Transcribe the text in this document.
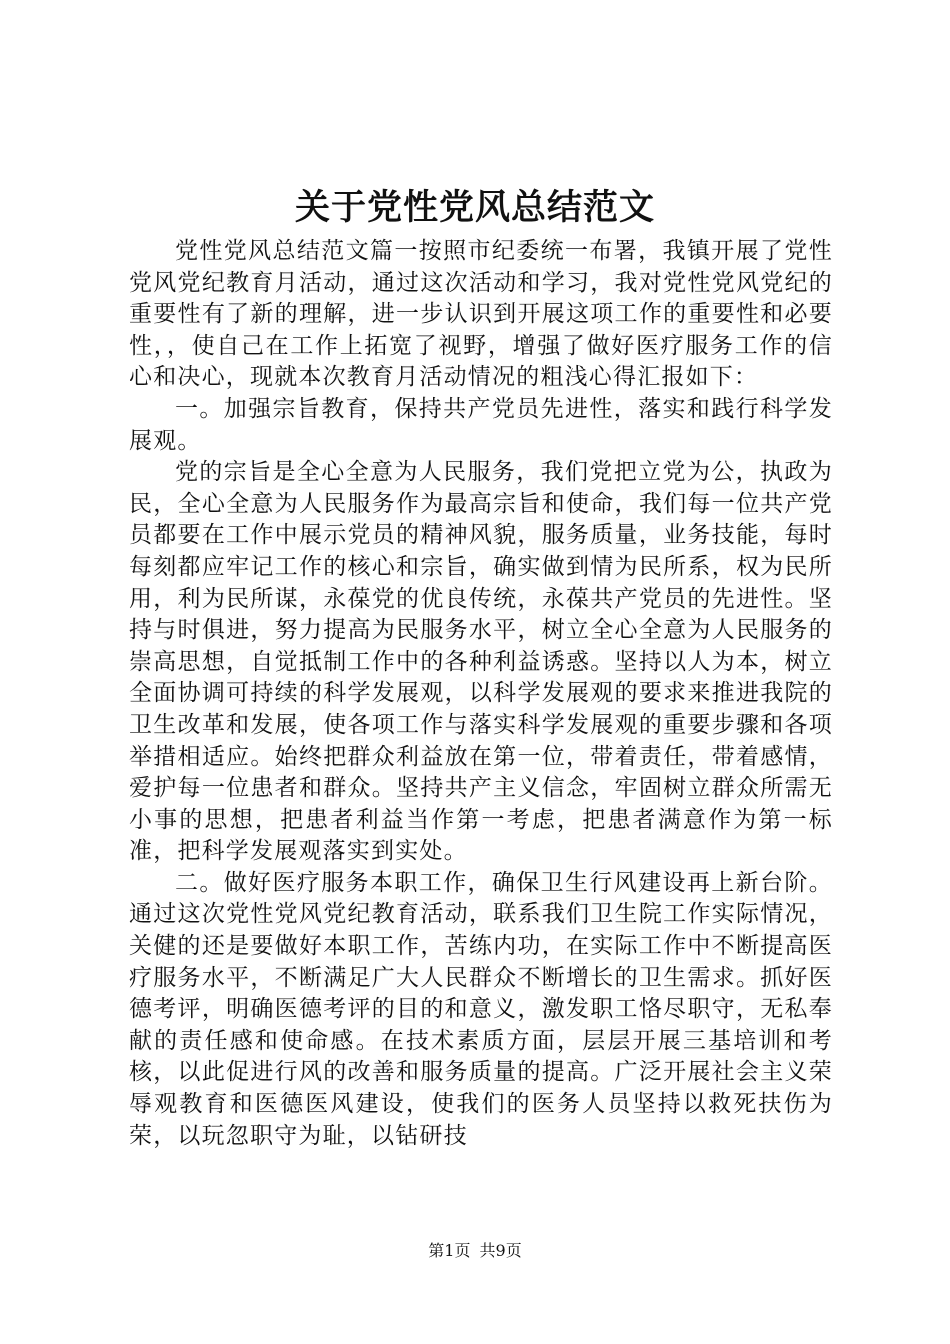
关于党性党风总结范文

党性党风总结范文篇一按照市纪委统一布署，我镇开展了党性党风党纪教育月活动，通过这次活动和学习，我对党性党风党纪的重要性有了新的理解，进一步认识到开展这项工作的重要性和必要性，，使自己在工作上拓宽了视野，增强了做好医疗服务工作的信心和决心，现就本次教育月活动情况的粗浅心得汇报如下：

一。加强宗旨教育，保持共产党员先进性，落实和践行科学发展观。

党的宗旨是全心全意为人民服务，我们党把立党为公，执政为民，全心全意为人民服务作为最高宗旨和使命，我们每一位共产党员都要在工作中展示党员的精神风貌，服务质量，业务技能，每时每刻都应牢记工作的核心和宗旨，确实做到情为民所系，权为民所用，利为民所谋，永葆党的优良传统，永葆共产党员的先进性。坚持与时俱进，努力提高为民服务水平，树立全心全意为人民服务的崇高思想，自觉抵制工作中的各种利益诱惑。坚持以人为本，树立全面协调可持续的科学发展观，以科学发展观的要求来推进我院的卫生改革和发展，使各项工作与落实科学发展观的重要步骤和各项举措相适应。始终把群众利益放在第一位，带着责任，带着感情，爱护每一位患者和群众。坚持共产主义信念，牢固树立群众所需无小事的思想，把患者利益当作第一考虑，把患者满意作为第一标准，把科学发展观落实到实处。

二。做好医疗服务本职工作，确保卫生行风建设再上新台阶。通过这次党性党风党纪教育活动，联系我们卫生院工作实际情况，关健的还是要做好本职工作，苦练内功，在实际工作中不断提高医疗服务水平，不断满足广大人民群众不断增长的卫生需求。抓好医德考评，明确医德考评的目的和意义，激发职工恪尽职守，无私奉献的责任感和使命感。在技术素质方面，层层开展三基培训和考核，以此促进行风的改善和服务质量的提高。广泛开展社会主义荣辱观教育和医德医风建设，使我们的医务人员坚持以救死扶伤为荣，以玩忽职守为耻，以钻研技

第1页 共9页
